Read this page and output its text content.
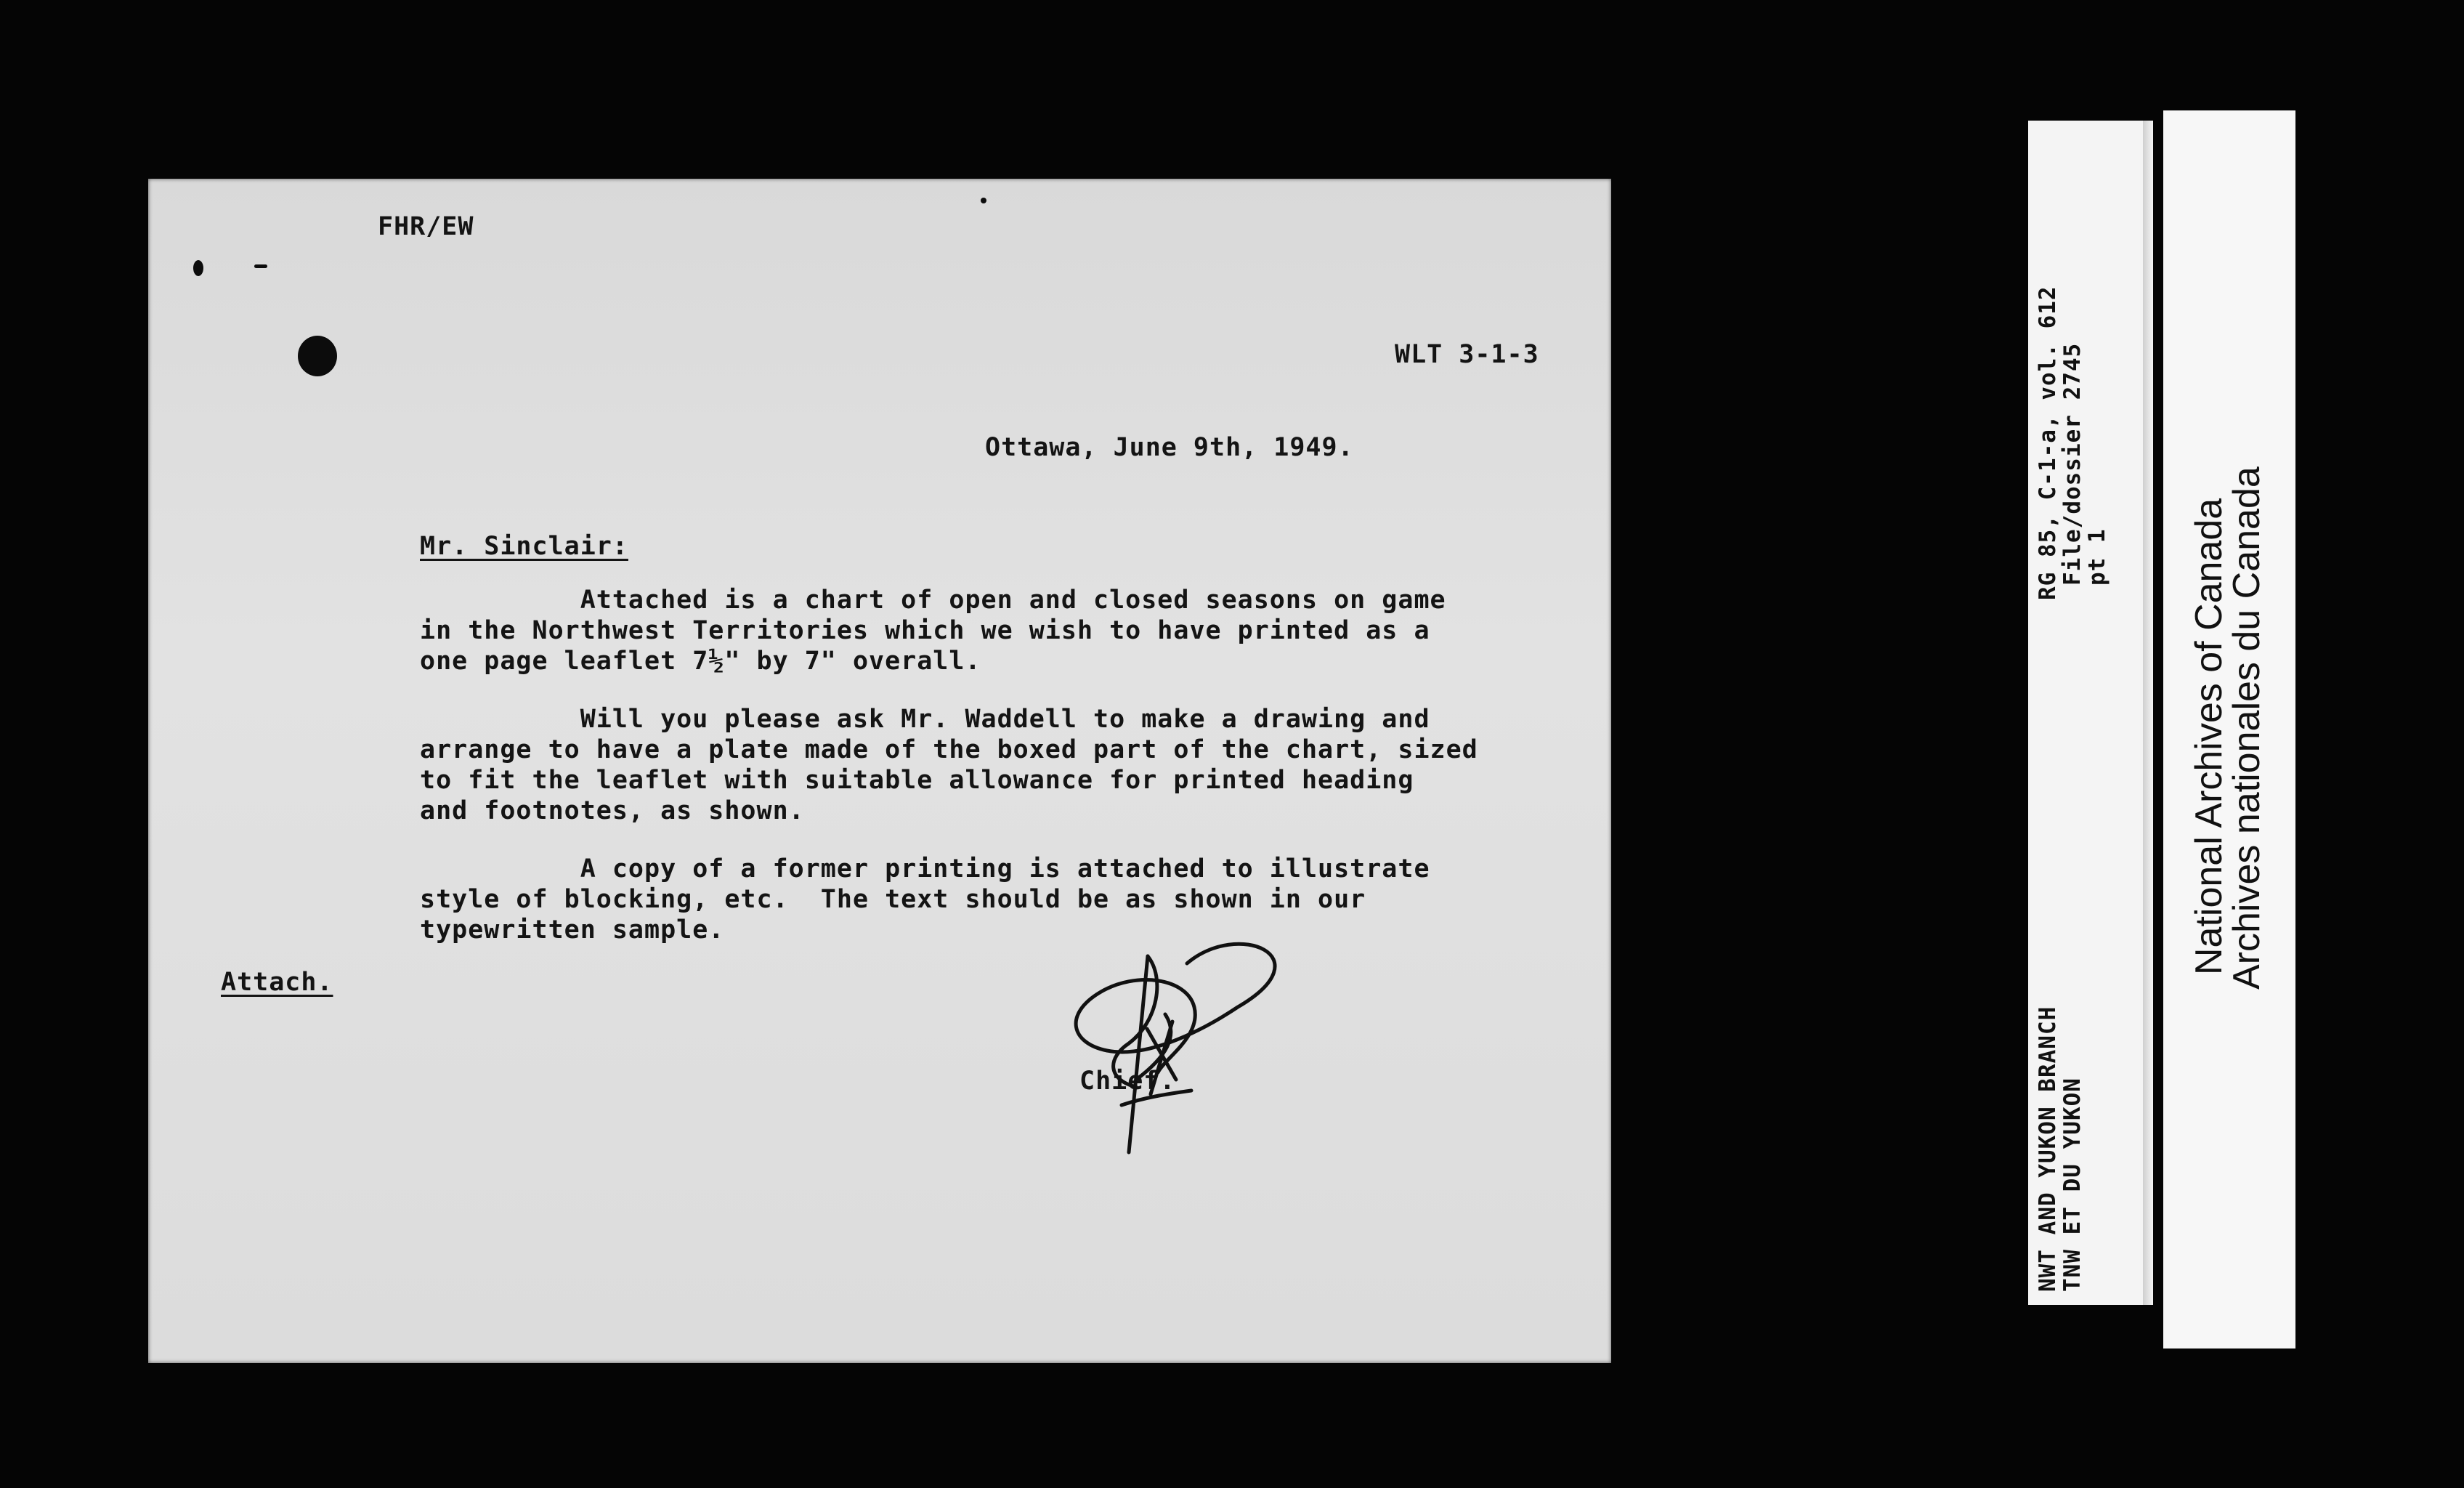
FHR/EW
WLT 3-1-3
Ottawa, June 9th, 1949.
Mr. Sinclair:
Attached is a chart of open and closed seasons on game
in the Northwest Territories which we wish to have printed as a
one page leaflet 7½" by 7" overall.
Will you please ask Mr. Waddell to make a drawing and
arrange to have a plate made of the boxed part of the chart, sized
to fit the leaflet with suitable allowance for printed heading
and footnotes, as shown.
A copy of a former printing is attached to illustrate
style of blocking, etc.  The text should be as shown in our
typewritten sample.
Attach.
Chief.
RG 85, C-1-a, vol. 612
File/dossier 2745
pt 1
NWT AND YUKON BRANCH
TNW ET DU YUKON
National Archives of Canada
Archives nationales du Canada
